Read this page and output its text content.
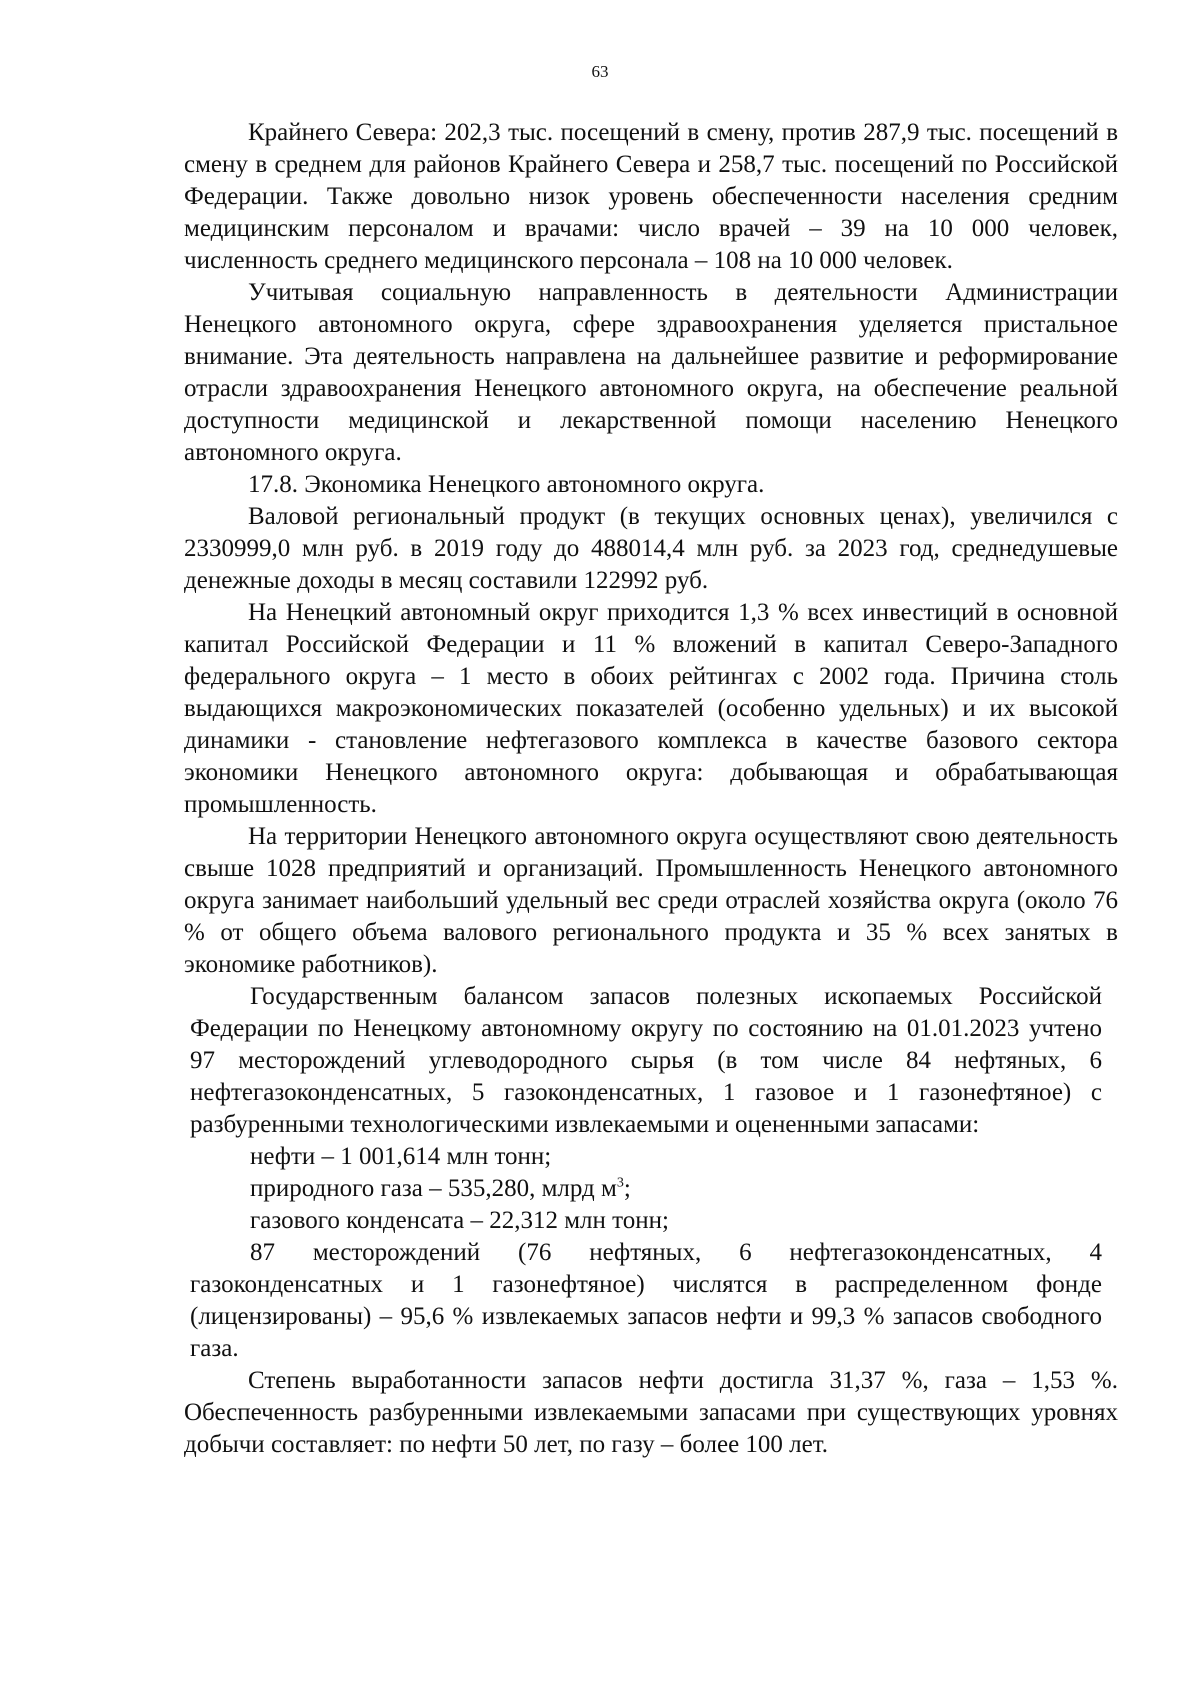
63

Крайнего Севера: 202,3 тыс. посещений в смену, против 287,9 тыс. посещений в смену в среднем для районов Крайнего Севера и 258,7 тыс. посещений по Российской Федерации. Также довольно низок уровень обеспеченности населения средним медицинским персоналом и врачами: число врачей – 39 на 10 000 человек, численность среднего медицинского персонала – 108 на 10 000 человек.

Учитывая социальную направленность в деятельности Администрации Ненецкого автономного округа, сфере здравоохранения уделяется пристальное внимание. Эта деятельность направлена на дальнейшее развитие и реформирование отрасли здравоохранения Ненецкого автономного округа, на обеспечение реальной доступности медицинской и лекарственной помощи населению Ненецкого автономного округа.

17.8. Экономика Ненецкого автономного округа.

Валовой региональный продукт (в текущих основных ценах), увеличился с 2330999,0 млн руб. в 2019 году до 488014,4 млн руб. за 2023 год, среднедушевые денежные доходы в месяц составили 122992 руб.

На Ненецкий автономный округ приходится 1,3 % всех инвестиций в основной капитал Российской Федерации и 11 % вложений в капитал Северо-Западного федерального округа – 1 место в обоих рейтингах с 2002 года. Причина столь выдающихся макроэкономических показателей (особенно удельных) и их высокой динамики - становление нефтегазового комплекса в качестве базового сектора экономики Ненецкого автономного округа: добывающая и обрабатывающая промышленность.

На территории Ненецкого автономного округа осуществляют свою деятельность свыше 1028 предприятий и организаций. Промышленность Ненецкого автономного округа занимает наибольший удельный вес среди отраслей хозяйства округа (около 76 % от общего объема валового регионального продукта и 35 % всех занятых в экономике работников).

Государственным балансом запасов полезных ископаемых Российской Федерации по Ненецкому автономному округу по состоянию на 01.01.2023 учтено 97 месторождений углеводородного сырья (в том числе 84 нефтяных, 6 нефтегазоконденсатных, 5 газоконденсатных, 1 газовое и 1 газонефтяное) с разбуренными технологическими извлекаемыми и оцененными запасами:

нефти – 1 001,614 млн тонн;

природного газа – 535,280, млрд $м^3$;

газового конденсата – 22,312 млн тонн;

87 месторождений (76 нефтяных, 6 нефтегазоконденсатных, 4 газоконденсатных и 1 газонефтяное) числятся в распределенном фонде (лицензированы) – 95,6 % извлекаемых запасов нефти и 99,3 % запасов свободного газа.

Степень выработанности запасов нефти достигла 31,37 %, газа – 1,53 %. Обеспеченность разбуренными извлекаемыми запасами при существующих уровнях добычи составляет: по нефти 50 лет, по газу – более 100 лет.
